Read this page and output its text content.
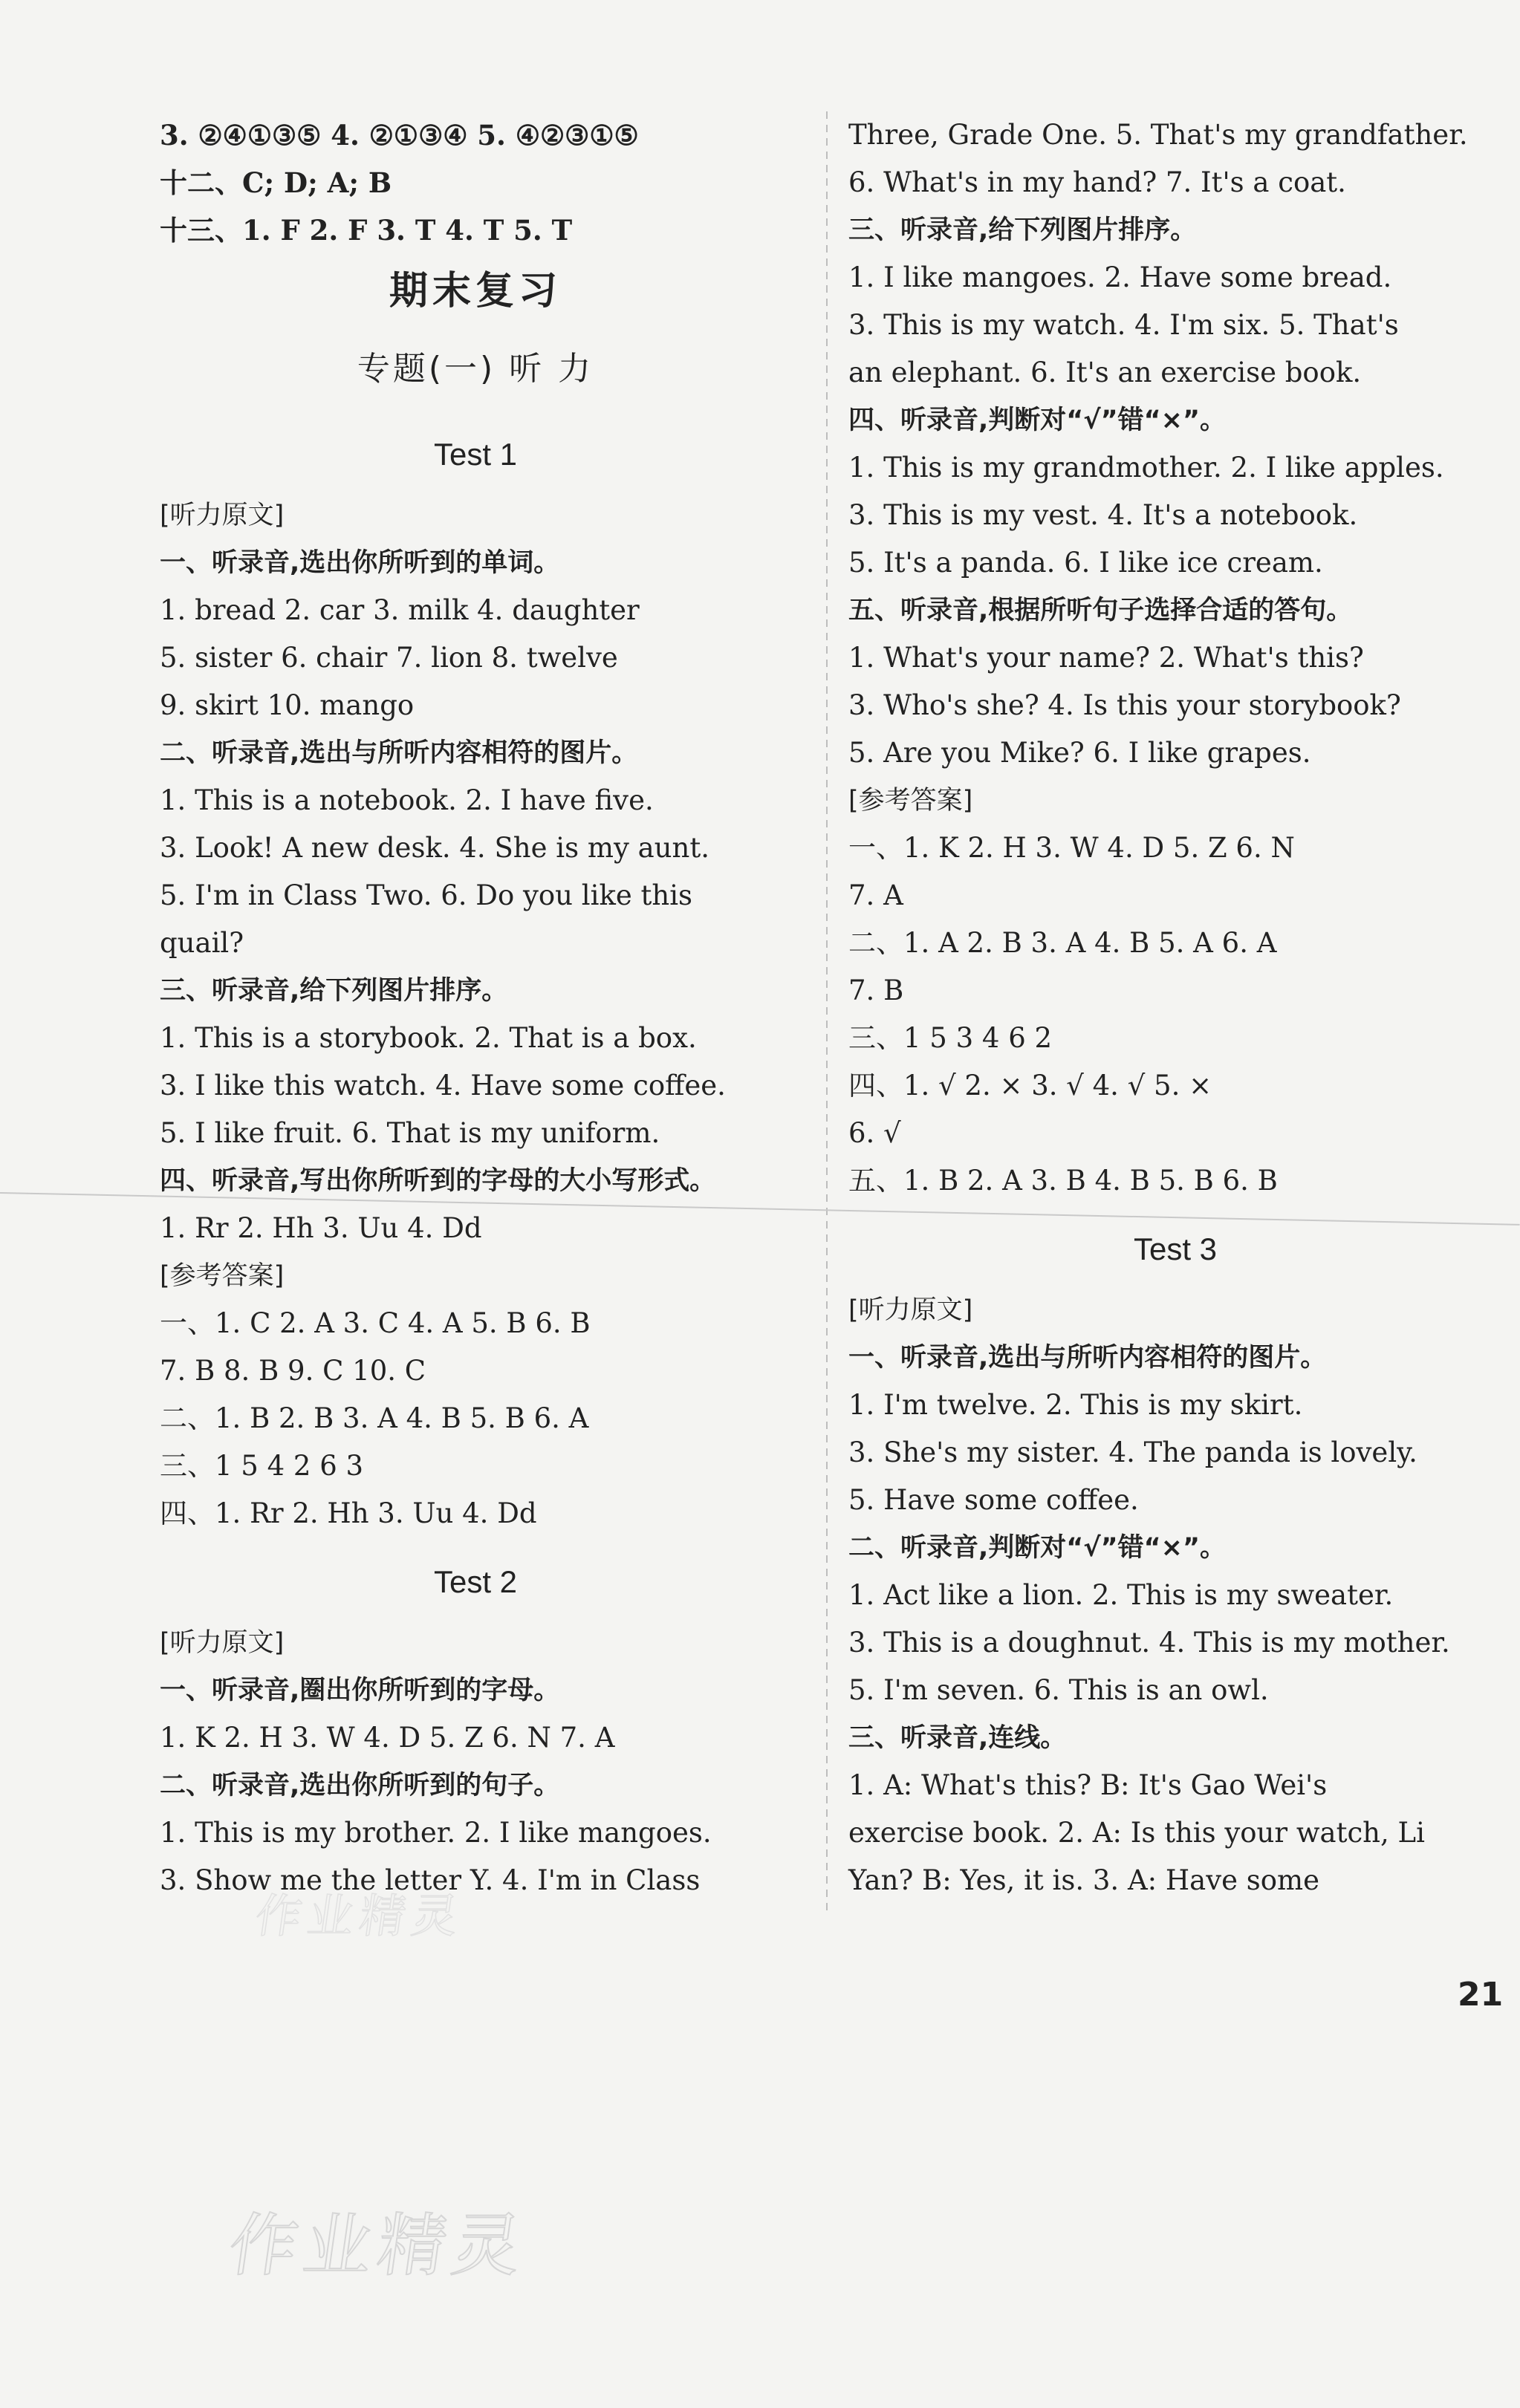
3. ②④①③⑤ 4. ②①③④ 5. ④②③①⑤
十二、C; D; A; B
十三、1. F 2. F 3. T 4. T 5. T
期末复习
专题(一) 听 力
Test 1
[听力原文]
一、听录音,选出你所听到的单词。
1. bread 2. car 3. milk 4. daughter
5. sister 6. chair 7. lion 8. twelve
9. skirt 10. mango
二、听录音,选出与所听内容相符的图片。
1. This is a notebook. 2. I have five.
3. Look! A new desk. 4. She is my aunt.
5. I'm in Class Two. 6. Do you like this
quail?
三、听录音,给下列图片排序。
1. This is a storybook. 2. That is a box.
3. I like this watch. 4. Have some coffee.
5. I like fruit. 6. That is my uniform.
四、听录音,写出你所听到的字母的大小写形式。
1. Rr 2. Hh 3. Uu 4. Dd
[参考答案]
一、1. C 2. A 3. C 4. A 5. B 6. B
7. B 8. B 9. C 10. C
二、1. B 2. B 3. A 4. B 5. B 6. A
三、1 5 4 2 6 3
四、1. Rr 2. Hh 3. Uu 4. Dd
Test 2
[听力原文]
一、听录音,圈出你所听到的字母。
1. K 2. H 3. W 4. D 5. Z 6. N 7. A
二、听录音,选出你所听到的句子。
1. This is my brother. 2. I like mangoes.
3. Show me the letter Y. 4. I'm in Class
Three, Grade One. 5. That's my grandfather.
6. What's in my hand? 7. It's a coat.
三、听录音,给下列图片排序。
1. I like mangoes. 2. Have some bread.
3. This is my watch. 4. I'm six. 5. That's
an elephant. 6. It's an exercise book.
四、听录音,判断对“√”错“×”。
1. This is my grandmother. 2. I like apples.
3. This is my vest. 4. It's a notebook.
5. It's a panda. 6. I like ice cream.
五、听录音,根据所听句子选择合适的答句。
1. What's your name? 2. What's this?
3. Who's she? 4. Is this your storybook?
5. Are you Mike? 6. I like grapes.
[参考答案]
一、1. K 2. H 3. W 4. D 5. Z 6. N
7. A
二、1. A 2. B 3. A 4. B 5. A 6. A
7. B
三、1 5 3 4 6 2
四、1. √ 2. × 3. √ 4. √ 5. ×
6. √
五、1. B 2. A 3. B 4. B 5. B 6. B
Test 3
[听力原文]
一、听录音,选出与所听内容相符的图片。
1. I'm twelve. 2. This is my skirt.
3. She's my sister. 4. The panda is lovely.
5. Have some coffee.
二、听录音,判断对“√”错“×”。
1. Act like a lion. 2. This is my sweater.
3. This is a doughnut. 4. This is my mother.
5. I'm seven. 6. This is an owl.
三、听录音,连线。
1. A: What's this? B: It's Gao Wei's
exercise book. 2. A: Is this your watch, Li
Yan? B: Yes, it is. 3. A: Have some
21
作业精灵
作业精灵
